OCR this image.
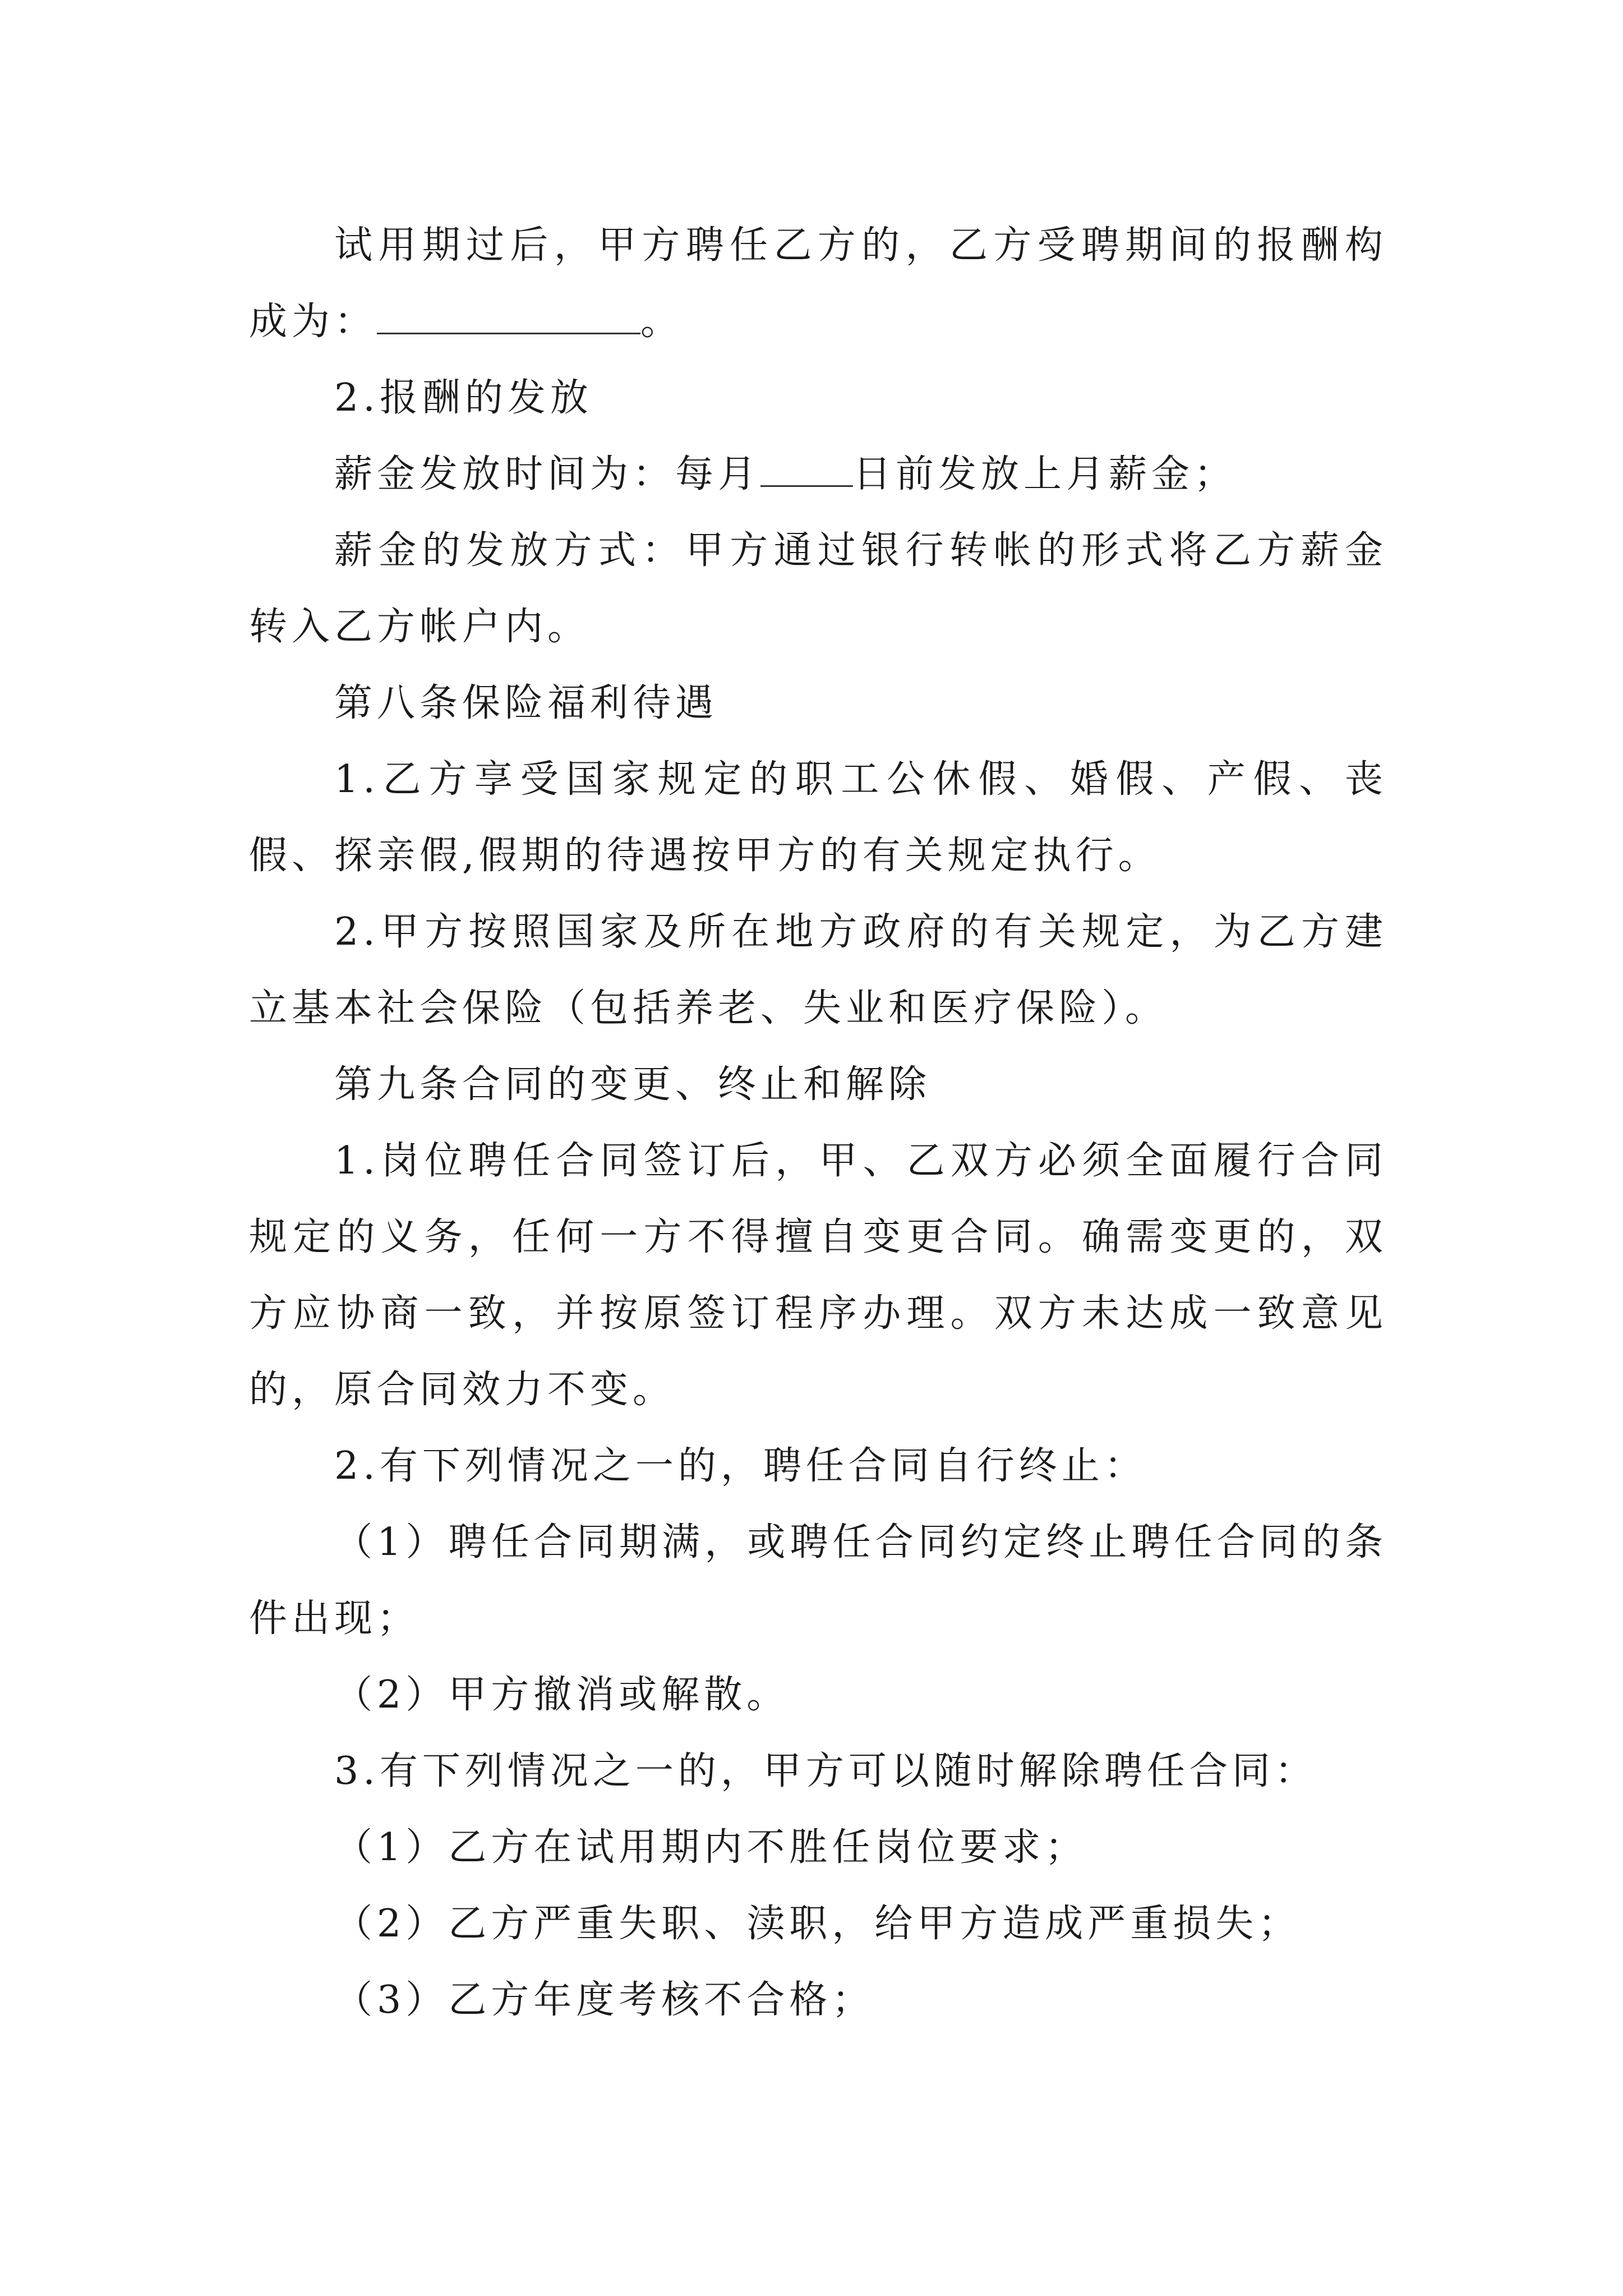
试用期过后，甲方聘任乙方的，乙方受聘期间的报酬构成为：	。

2.报酬的发放

薪金发放时间为：每月 日前发放上月薪金；

薪金的发放方式：甲方通过银行转帐的形式将乙方薪金转入乙方帐户内。

第八条保险福利待遇

1.乙方享受国家规定的职工公休假、婚假、产假、丧假、探亲假,假期的待遇按甲方的有关规定执行。

2.甲方按照国家及所在地方政府的有关规定，为乙方建立基本社会保险（包括养老、失业和医疗保险）。

第九条合同的变更、终止和解除

1.岗位聘任合同签订后，甲、乙双方必须全面履行合同规定的义务，任何一方不得擅自变更合同。确需变更的，双方应协商一致，并按原签订程序办理。双方未达成一致意见的，原合同效力不变。

2.有下列情况之一的，聘任合同自行终止：

（1）聘任合同期满，或聘任合同约定终止聘任合同的条件出现；

（2）甲方撤消或解散。

3.有下列情况之一的，甲方可以随时解除聘任合同：

（1）乙方在试用期内不胜任岗位要求；

（2）乙方严重失职、渎职，给甲方造成严重损失；

（3）乙方年度考核不合格；
